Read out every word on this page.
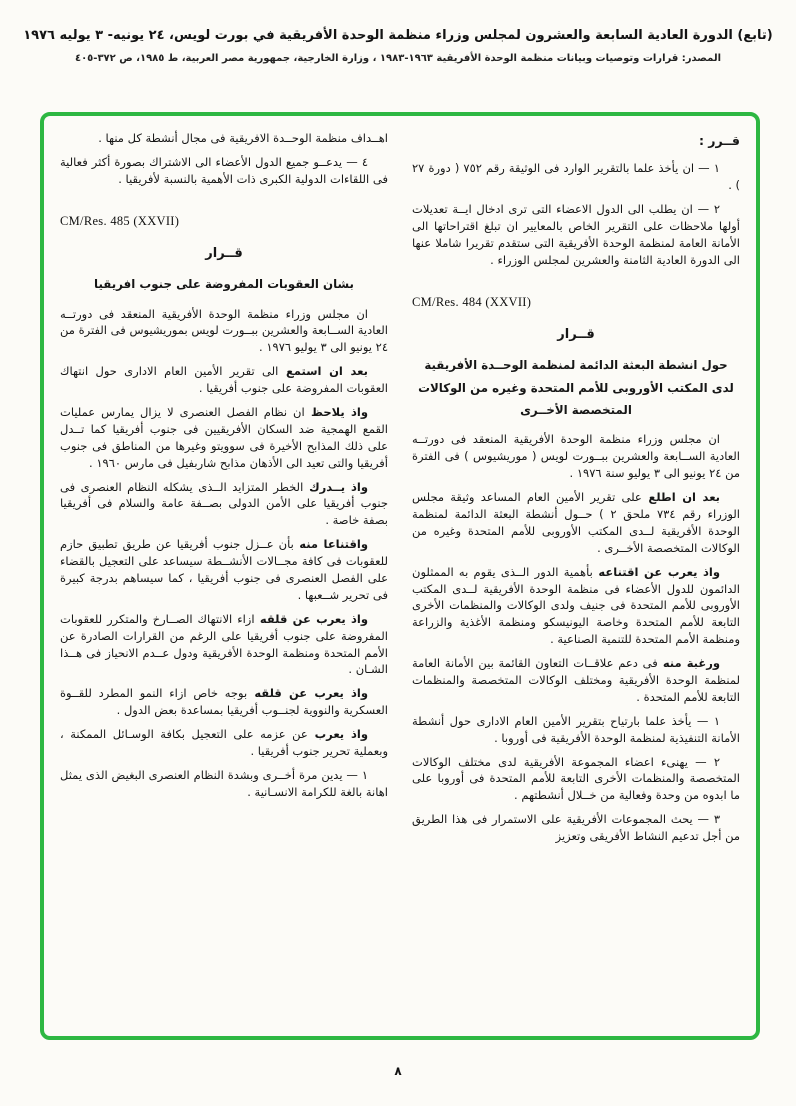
(تابع) الدورة العادية السابعة والعشرون لمجلس وزراء منظمة الوحدة الأفريقية في بورت لويس، ٢٤ يونيه- ٣ يوليه ١٩٧٦
المصدر: قرارات وتوصيات وبيانات منظمة الوحدة الأفريقية ١٩٦٣-١٩٨٣ ، وزارة الخارجية، جمهورية مصر العربية، ط ١٩٨٥، ص ٣٧٢-٤٠٥
قــرر :
١ — ان يأخذ علما بالتقرير الوارد فى الوثيقة رقم ٧٥٢ ( دورة ٢٧ ) .
٢ — ان يطلب الى الدول الاعضاء التى ترى ادخال ايــة تعديلات أولها ملاحظات على التقرير الخاص بالمعايير ان تبلغ اقتراحاتها الى الأمانة العامة لمنظمة الوحدة الأفريقية التى ستقدم تقريرا شاملا عنها الى الدورة العادية الثامنة والعشرين لمجلس الوزراء .
CM/Res. 484 (XXVII)
قــرار
حول انشطة البعثة الدائمة لمنظمة الوحــدة الأفريقية لدى المكتب الأوروبى للأمم المتحدة وغيره من الوكالات المتخصصة الأخــرى
ان مجلس وزراء منظمة الوحدة الأفريقية المنعقد فى دورتــه العادية الســابعة والعشرين ببــورت لويس ( موريشيوس ) فى الفترة من ٢٤ يونيو الى ٣ يوليو سنة ١٩٧٦ .
بعد ان اطلع على تقرير الأمين العام المساعد وثيقة مجلس الوزراء رقم ٧٣٤ ملحق ٢ ) حــول أنشطة البعثة الدائمة لمنظمة الوحدة الأفريقية لــدى المكتب الأوروبى للأمم المتحدة وغيره من الوكالات المتخصصة الأخــرى .
واذ يعرب عن اقتناعه بأهمية الدور الــذى يقوم به الممثلون الدائمون للدول الأعضاء فى منظمة الوحدة الأفريقية لــدى المكتب الأوروبى للأمم المتحدة فى جنيف ولدى الوكالات والمنظمات الأخرى التابعة للأمم المتحدة وخاصة اليونيسكو ومنظمة الأغذية والزراعة ومنظمة الأمم المتحدة للتنمية الصناعية .
ورغبة منه فى دعم علاقــات التعاون القائمة بين الأمانة العامة لمنظمة الوحدة الأفريقية ومختلف الوكالات المتخصصة والمنظمات التابعة للأمم المتحدة .
١ — يأخذ علما بارتياح بتقرير الأمين العام الادارى حول أنشطة الأمانة التنفيذية لمنظمة الوحدة الأفريقية فى أوروبا .
٢ — يهنىء اعضاء المجموعة الأفريقية لدى مختلف الوكالات المتخصصة والمنظمات الأخرى التابعة للأمم المتحدة فى أوروبا على ما ابدوه من وحدة وفعالية من خــلال أنشطتهم .
٣ — يحث المجموعات الأفريقية على الاستمرار فى هذا الطريق من أجل تدعيم النشاط الأفريقى وتعزيز
اهــداف منظمة الوحــدة الافريقية فى مجال أنشطة كل منها .
٤ — يدعــو جميع الدول الأعضاء الى الاشتراك بصورة أكثر فعالية فى اللقاءات الدولية الكبرى ذات الأهمية بالنسبة لأفريقيا .
CM/Res. 485 (XXVII)
قــرار
بشان العقوبات المفروضة على جنوب افريقيا
ان مجلس وزراء منظمة الوحدة الأفريقية المنعقد فى دورتــه العادية الســابعة والعشرين ببــورت لويس بموريشيوس فى الفترة من ٢٤ يونيو الى ٣ يوليو ١٩٧٦ .
بعد ان استمع الى تقرير الأمين العام الادارى حول انتهاك العقوبات المفروضة على جنوب أفريقيا .
واذ يلاحظ ان نظام الفصل العنصرى لا يزال يمارس عمليات القمع الهمجية ضد السكان الأفريقيين فى جنوب أفريقيا كما تــدل على ذلك المذابح الأخيرة فى سوويتو وغيرها من المناطق فى جنوب أفريقيا والتى تعيد الى الأذهان مذابح شاربفيل فى مارس ١٩٦٠ .
واذ يــدرك الخطر المتزايد الــذى يشكله النظام العنصرى فى جنوب أفريقيا على الأمن الدولى بصــفة عامة والسلام فى أفريقيا بصفة خاصة .
واقتناعا منه بأن عــزل جنوب أفريقيا عن طريق تطبيق حازم للعقوبات فى كافة مجــالات الأنشــطة سيساعد على التعجيل بالقضاء على الفصل العنصرى فى جنوب أفريقيا ، كما سيساهم بدرجة كبيرة فى تحرير شــعبها .
واذ يعرب عن قلقه ازاء الانتهاك الصــارخ والمتكرر للعقوبات المفروضة على جنوب أفريقيا على الرغم من القرارات الصادرة عن الأمم المتحدة ومنظمة الوحدة الأفريقية ودول عــدم الانحياز فى هــذا الشـان .
واذ يعرب عن قلقه بوجه خاص ازاء النمو المطرد للقــوة العسكرية والنووية لجنــوب أفريقيا بمساعدة بعض الدول .
واذ يعرب عن عزمه على التعجيل بكافة الوسـائل الممكنة ، وبعملية تحرير جنوب أفريقيا .
١ — يدين مرة أخــرى وبشدة النظام العنصرى البغيض الذى يمثل اهانة بالغة للكرامة الانسـانية .
٨
